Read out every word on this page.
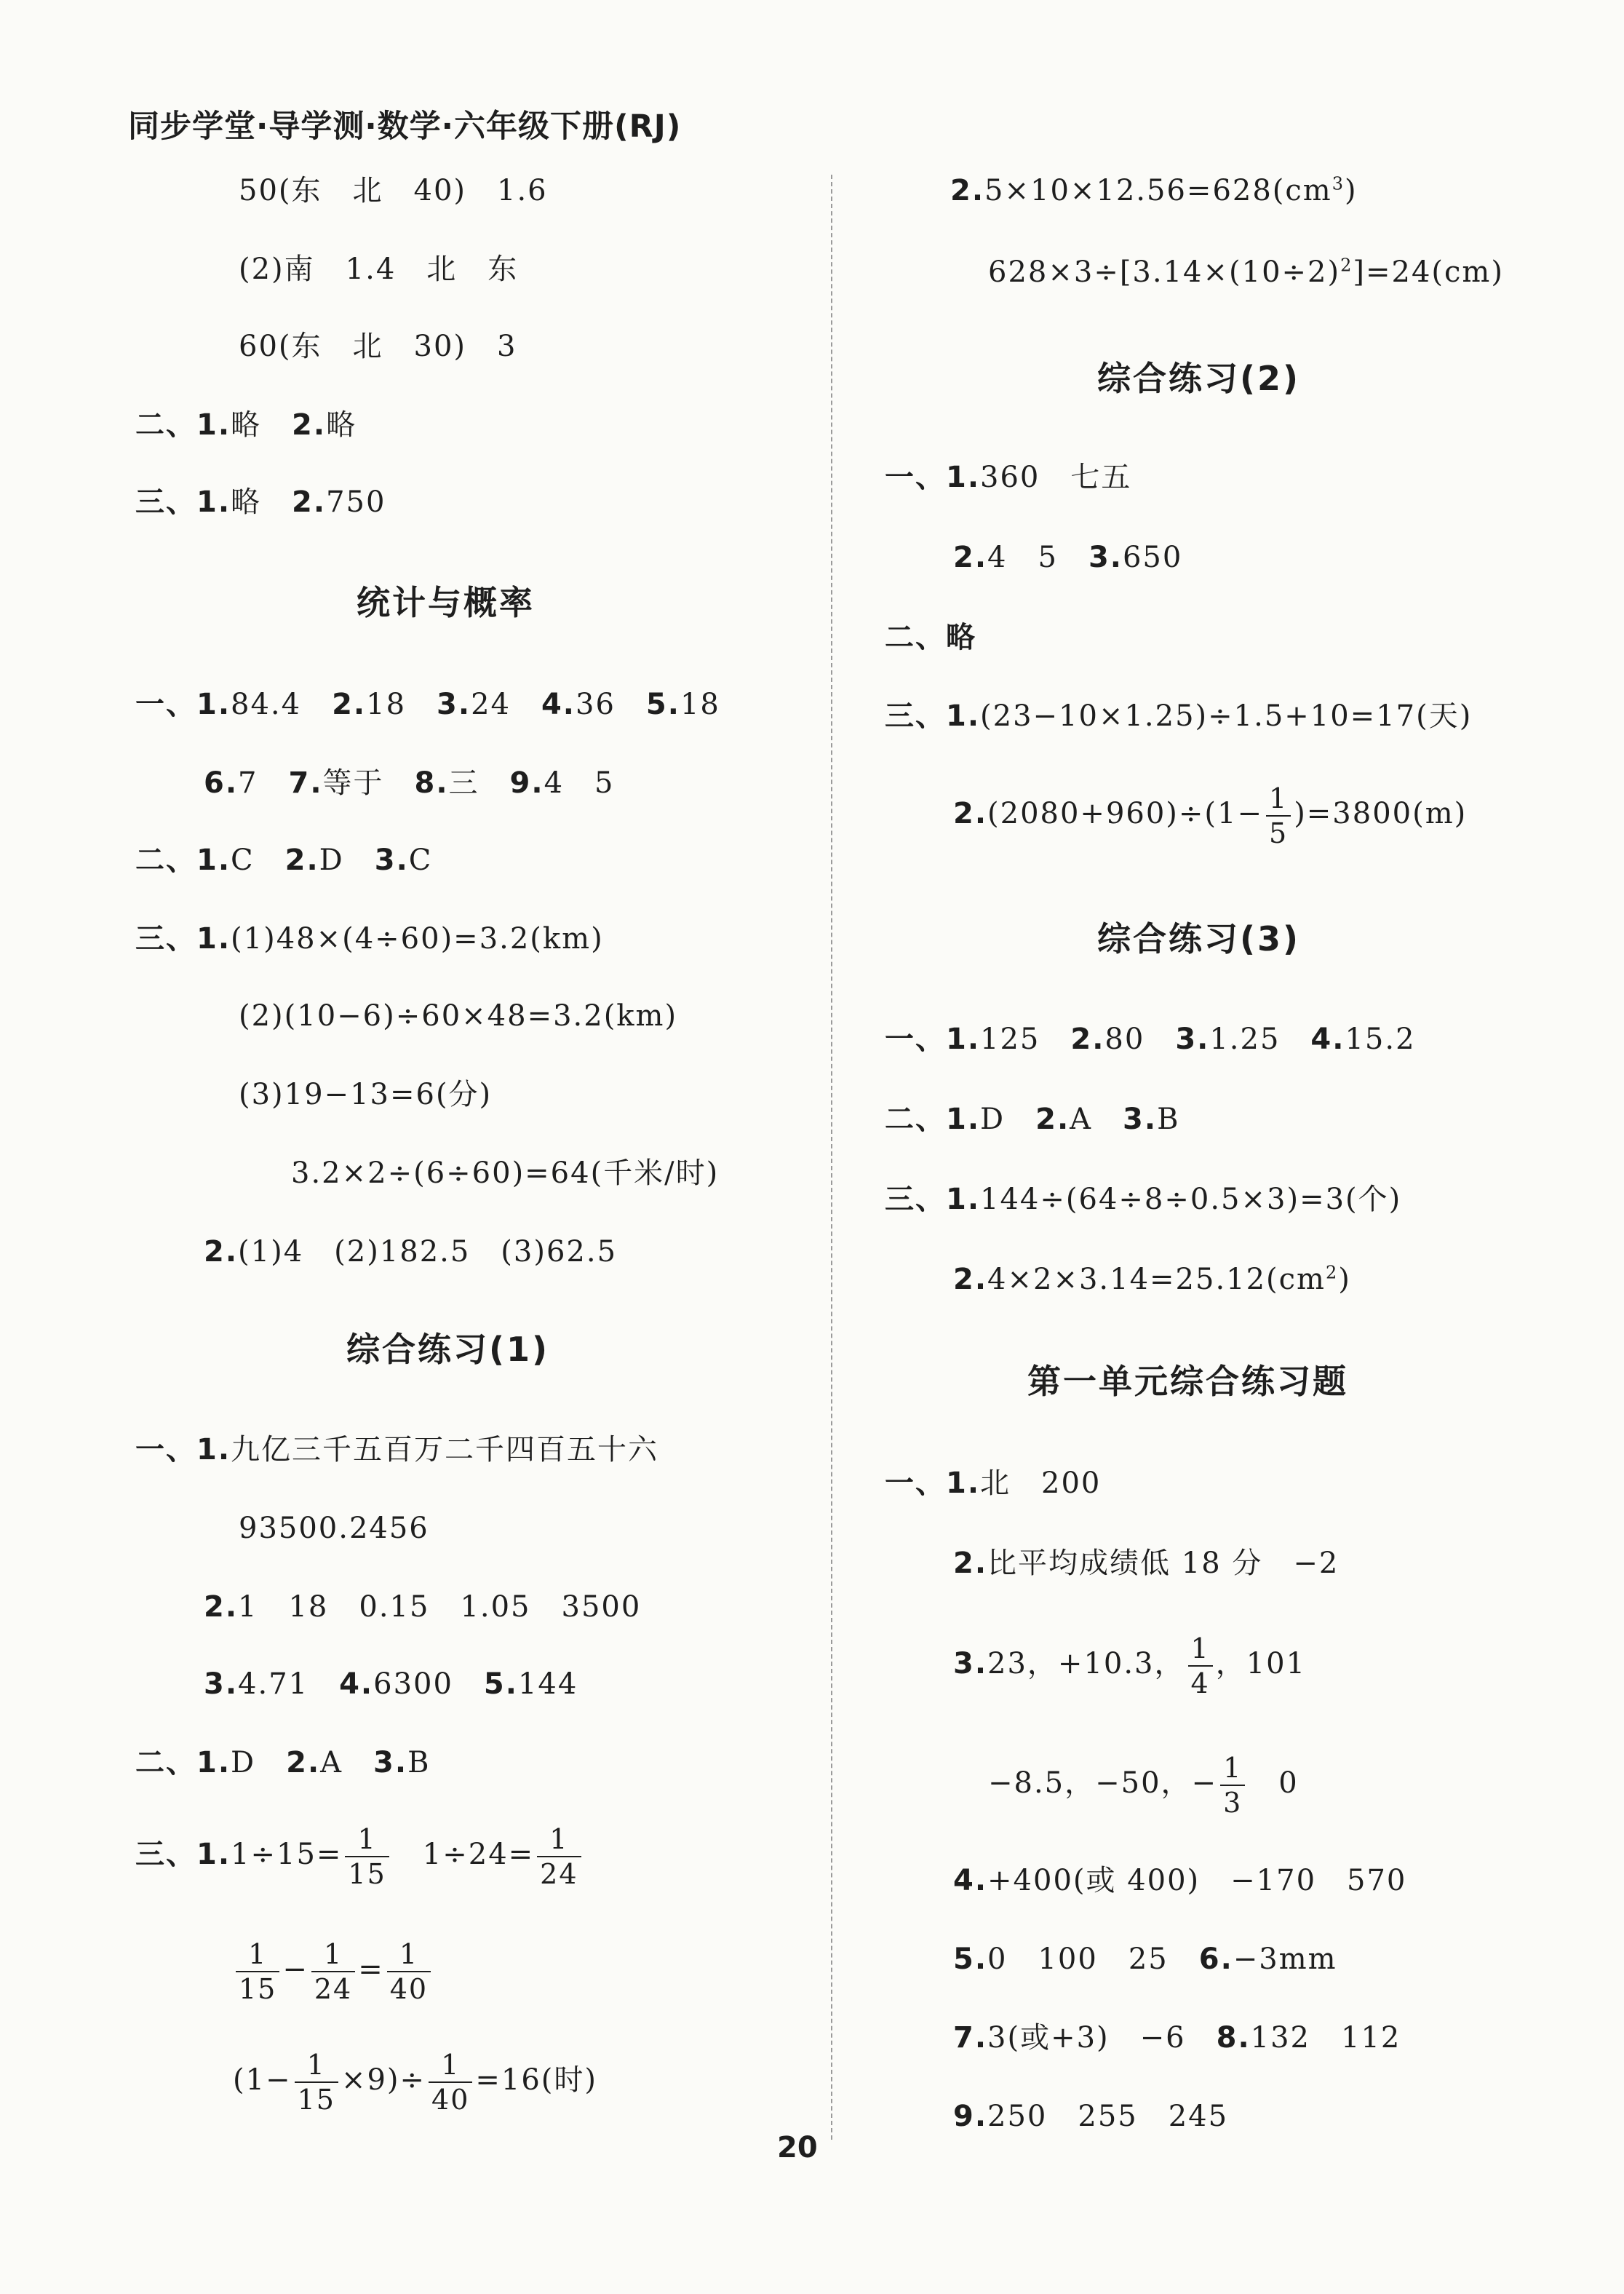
同步学堂·导学测·数学·六年级下册(RJ)
50(东　北　40)　1.6
(2)南　1.4　北　东
60(东　北　30)　3
二、1.略　2.略
三、1.略　2.750
统计与概率
一、1.84.4　2.18　3.24　4.36　5.18
6.7　7.等于　8.三　9.4　5
二、1.C　2.D　3.C
三、1.(1)48×(4÷60)=3.2(km)
(2)(10−6)÷60×48=3.2(km)
(3)19−13=6(分)
3.2×2÷(6÷60)=64(千米/时)
2.(1)4　(2)182.5　(3)62.5
综合练习(1)
一、1.九亿三千五百万二千四百五十六
93500.2456
2.1　18　0.15　1.05　3500
3.4.71　4.6300　5.144
二、1.D　2.A　3.B
三、$1.1\div 15= \frac{1}{15}$
　 $1\div 24= \frac{1}{24}$
$\frac{1}{15} - \frac{1}{24} = \frac{1}{40}$
$(1- \frac{1}{15} \times 9)\div \frac{1}{40} =16$(时)
$2.5\times 10\times 12.56=628(cm^3)$
$628\times 3\div[3.14\times(10\div 2)^2]=24(cm)$
综合练习(2)
一、1.360　七五
2.4　5　3.650
二、略
三、1.(23−10×1.25)÷1.5+10=17(天)
$2.(2080+960)\div(1- \frac{1}{5} )=3800(m)$
综合练习(3)
一、1.125　2.80　3.1.25　4.15.2
二、1.D　2.A　3.B
三、1.144÷(64÷8÷0.5×3)=3(个)
$2.4\times 2\times 3.14=25.12(cm^2)$
第一单元综合练习题
一、1.北　200
2.比平均成绩低 18 分　−2
3.23，+10.3， $\frac{1}{4}$ ，101
−8.5，−50，− $\frac{1}{3}$ 　0
4.+400(或 400)　−170　570
5.0　100　25　6.−3mm
7.3(或+3)　−6　8.132　112
9.250　255　245
20
